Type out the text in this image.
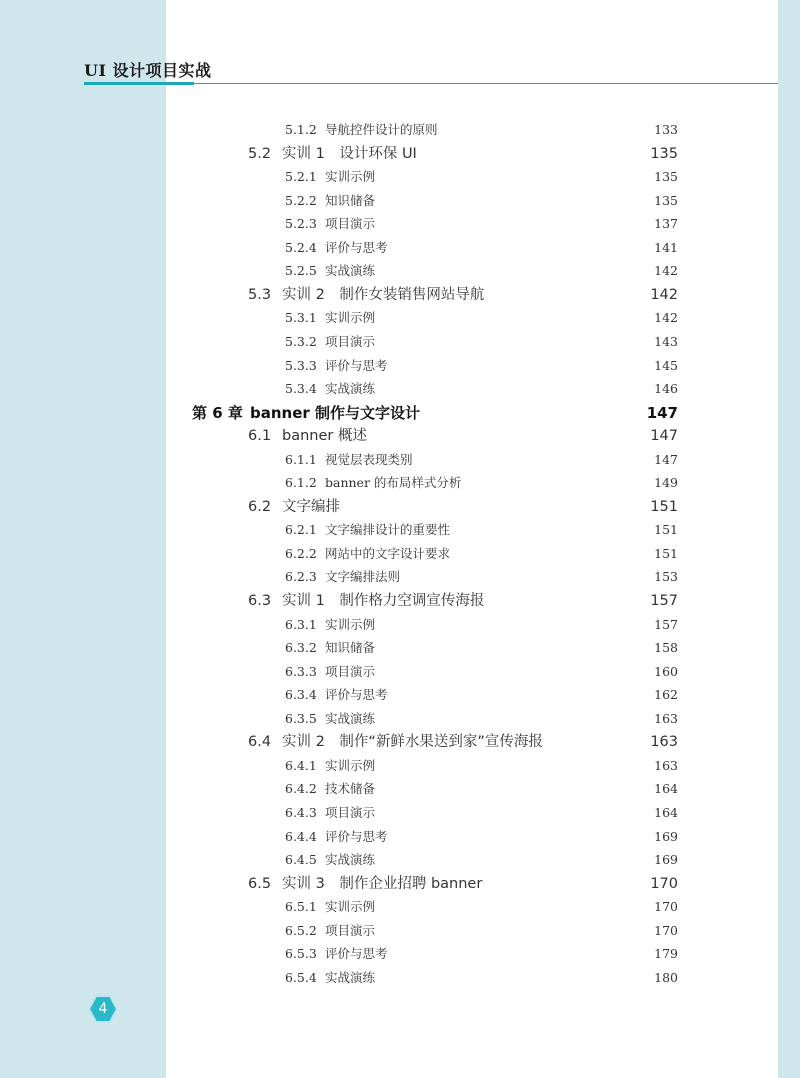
UI 设计项目实战
5.1.2 导航控件设计的原则	133
5.2 实训 1　设计环保 UI	135
5.2.1 实训示例	135
5.2.2 知识储备	135
5.2.3 项目演示	137
5.2.4 评价与思考	141
5.2.5 实战演练	142
5.3 实训 2　制作女装销售网站导航	142
5.3.1 实训示例	142
5.3.2 项目演示	143
5.3.3 评价与思考	145
5.3.4 实战演练	146
第 6 章 banner 制作与文字设计	147
6.1 banner 概述	147
6.1.1 视觉层表现类别	147
6.1.2 banner 的布局样式分析	149
6.2 文字编排	151
6.2.1 文字编排设计的重要性	151
6.2.2 网站中的文字设计要求	151
6.2.3 文字编排法则	153
6.3 实训 1　制作格力空调宣传海报	157
6.3.1 实训示例	157
6.3.2 知识储备	158
6.3.3 项目演示	160
6.3.4 评价与思考	162
6.3.5 实战演练	163
6.4 实训 2　制作“新鲜水果送到家”宣传海报	163
6.4.1 实训示例	163
6.4.2 技术储备	164
6.4.3 项目演示	164
6.4.4 评价与思考	169
6.4.5 实战演练	169
6.5 实训 3　制作企业招聘 banner	170
6.5.1 实训示例	170
6.5.2 项目演示	170
6.5.3 评价与思考	179
6.5.4 实战演练	180
4
